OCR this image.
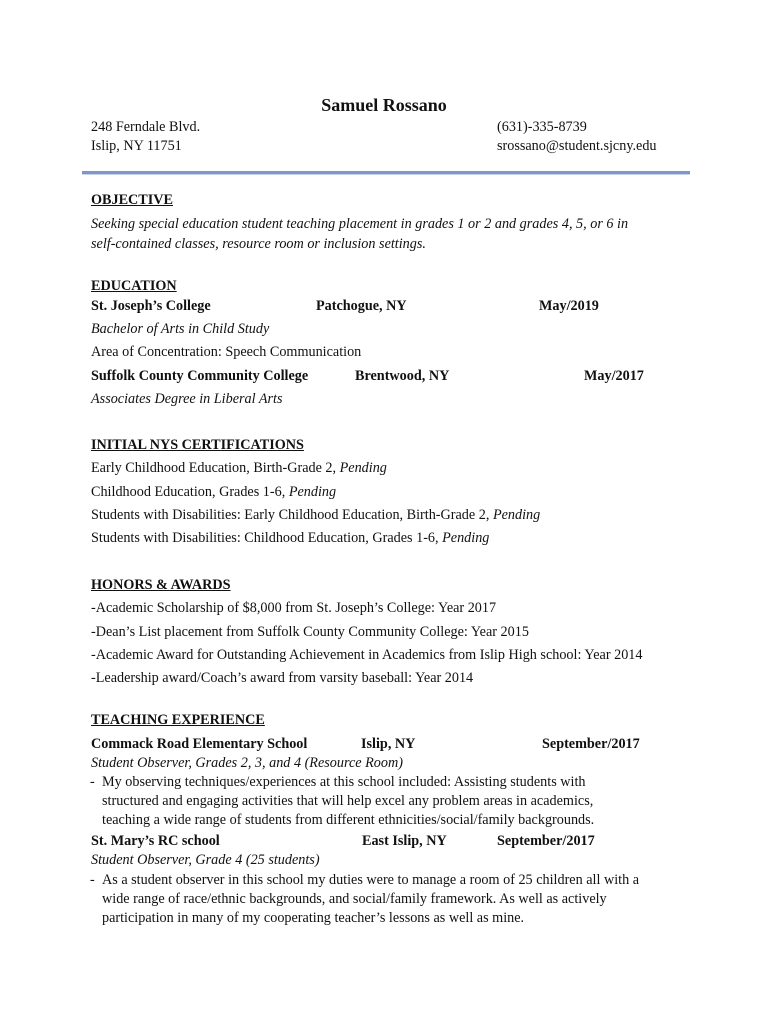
Samuel Rossano
248 Ferndale Blvd.
Islip, NY 11751
(631)-335-8739
srossano@student.sjcny.edu
OBJECTIVE
Seeking special education student teaching placement in grades 1 or 2 and grades 4, 5, or 6 in
self-contained classes, resource room or inclusion settings.
EDUCATION
St. Joseph’s College	Patchogue, NY	May/2019
Bachelor of Arts in Child Study
Area of Concentration: Speech Communication
Suffolk County Community College	Brentwood, NY	May/2017
Associates Degree in Liberal Arts
INITIAL NYS CERTIFICATIONS
Early Childhood Education, Birth-Grade 2, Pending
Childhood Education, Grades 1-6, Pending
Students with Disabilities: Early Childhood Education, Birth-Grade 2, Pending
Students with Disabilities: Childhood Education, Grades 1-6, Pending
HONORS & AWARDS
-Academic Scholarship of $8,000 from St. Joseph’s College: Year 2017
-Dean’s List placement from Suffolk County Community College: Year 2015
-Academic Award for Outstanding Achievement in Academics from Islip High school: Year 2014
-Leadership award/Coach’s award from varsity baseball: Year 2014
TEACHING EXPERIENCE
Commack Road Elementary School	Islip, NY	September/2017
Student Observer, Grades 2, 3, and 4 (Resource Room)
- My observing techniques/experiences at this school included: Assisting students with
structured and engaging activities that will help excel any problem areas in academics,
teaching a wide range of students from different ethnicities/social/family backgrounds.
St. Mary’s RC school	East Islip, NY	September/2017
Student Observer, Grade 4 (25 students)
- As a student observer in this school my duties were to manage a room of 25 children all with a
wide range of race/ethnic backgrounds, and social/family framework. As well as actively
participation in many of my cooperating teacher’s lessons as well as mine.
